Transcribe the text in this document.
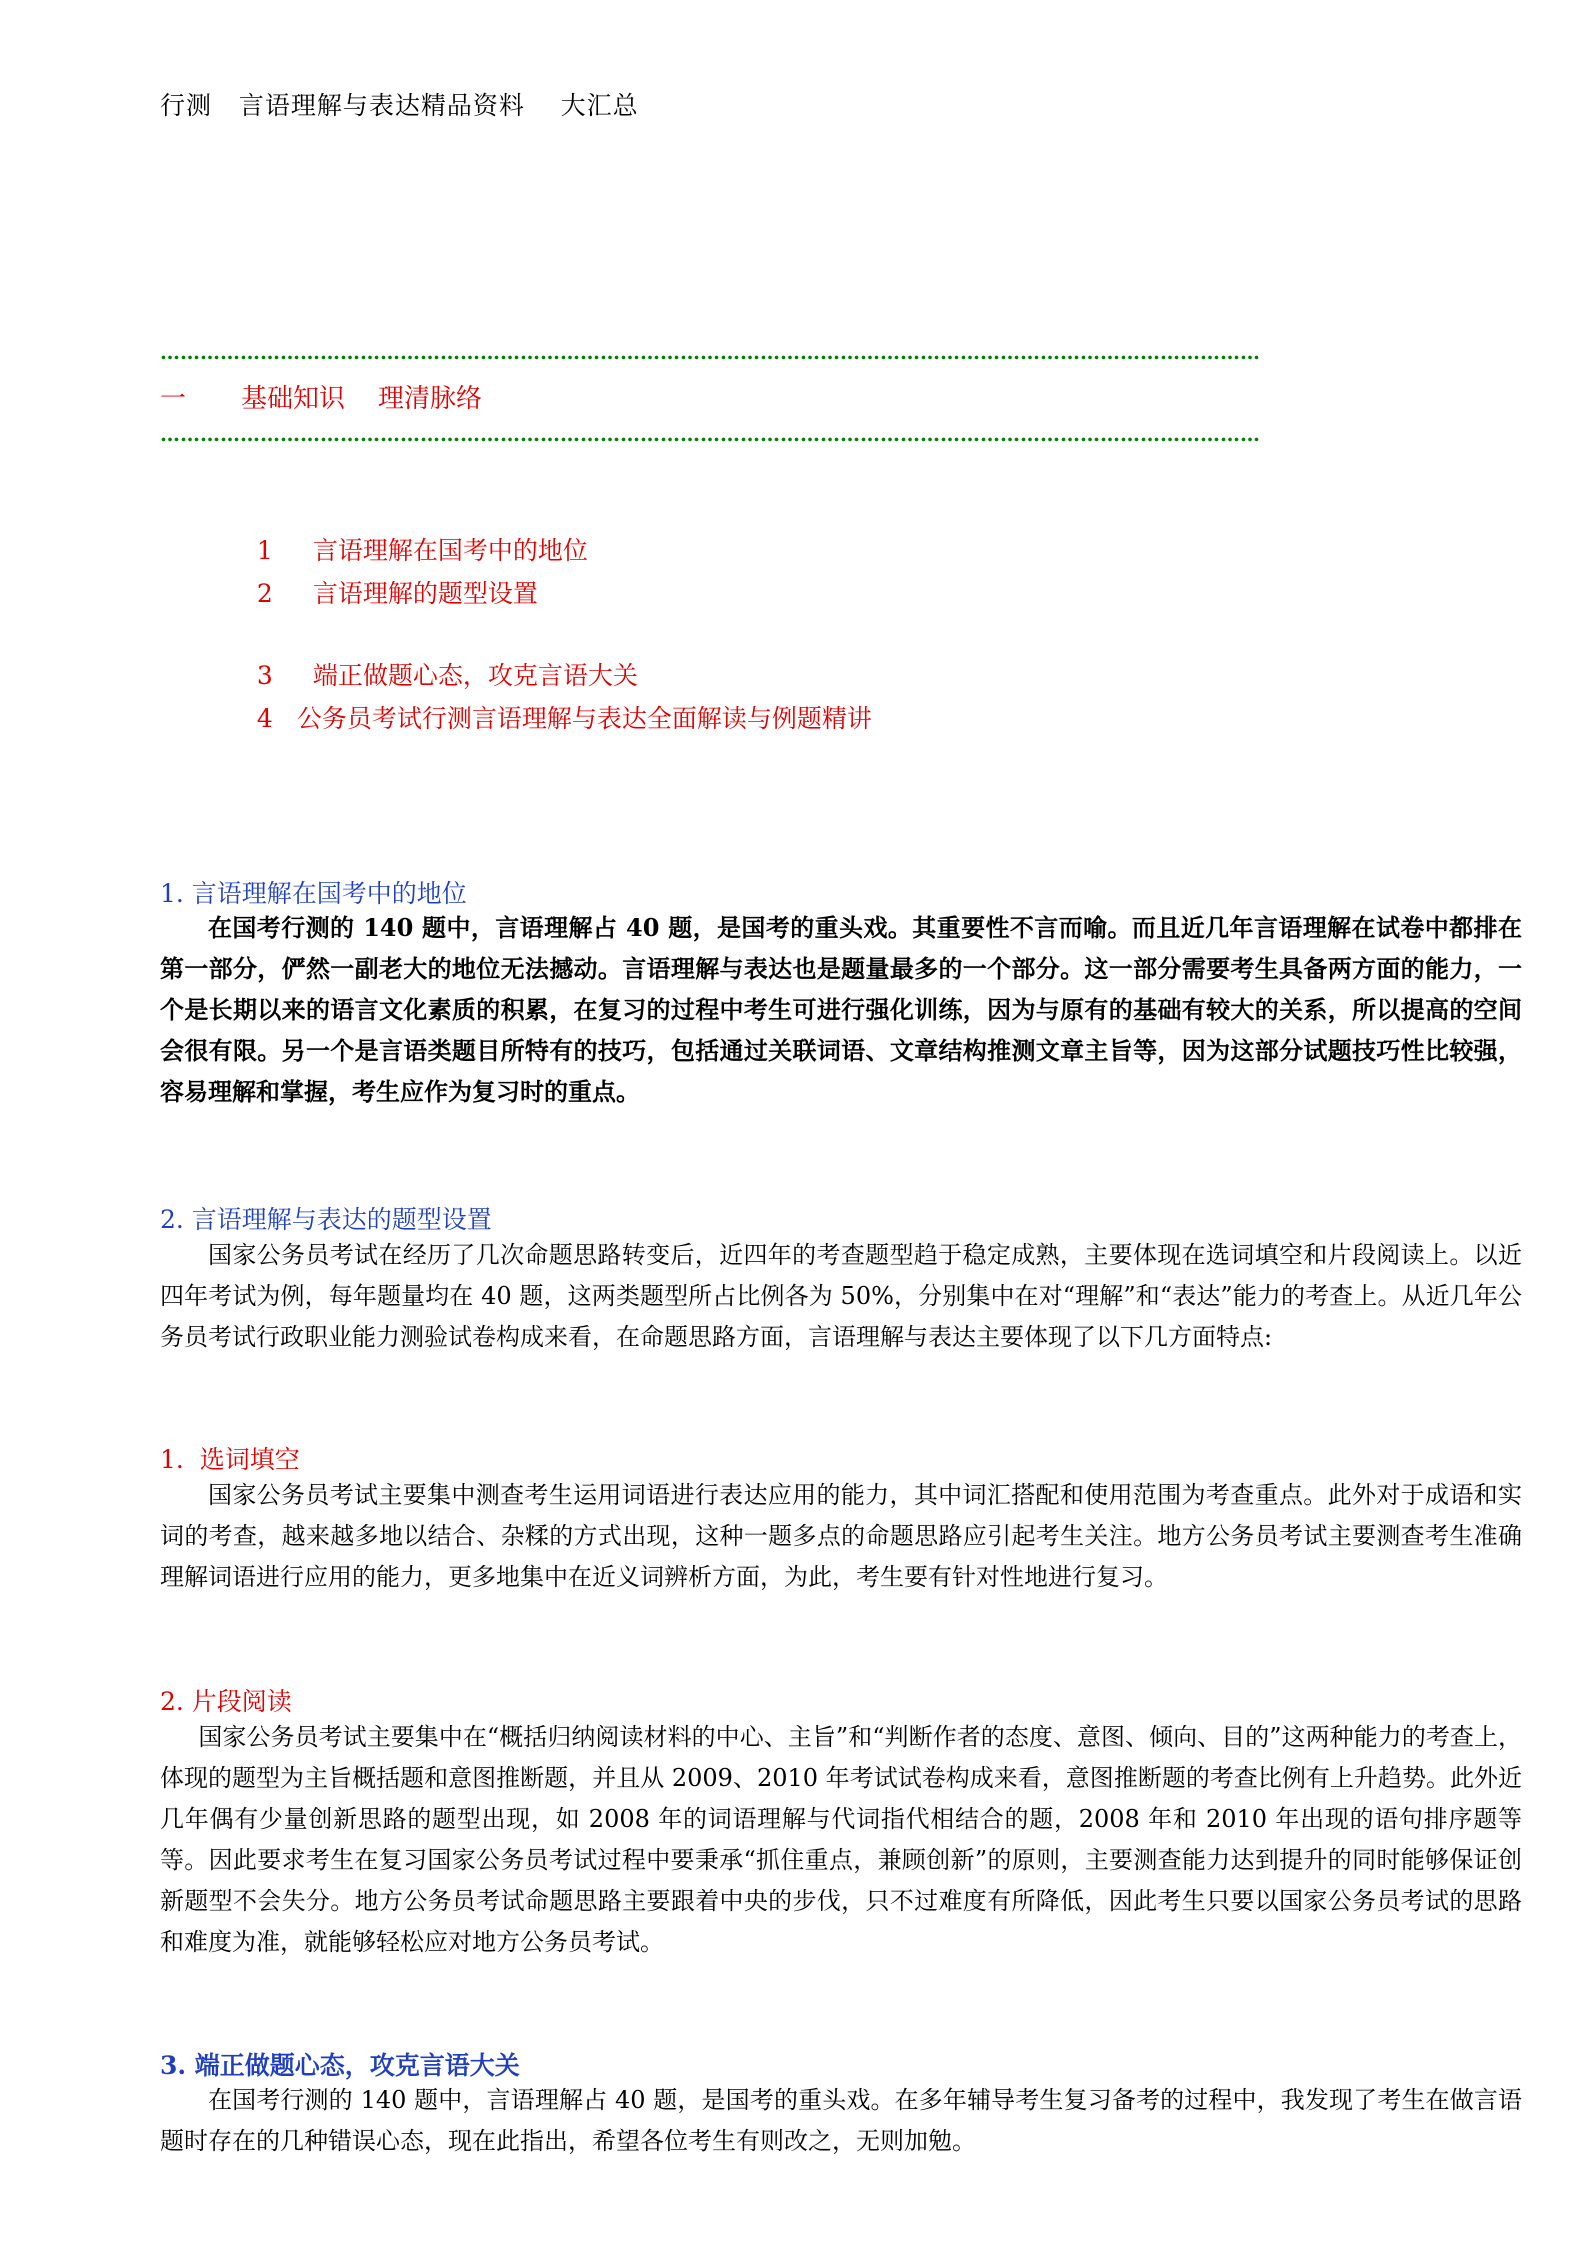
行测   言语理解与表达精品资料    大汇总
…………………………………………………………………………………………………………………………………………………
一 基础知识    理清脉络
…………………………………………………………………………………………………………………………………………………

1 言语理解在国考中的地位

2 言语理解的题型设置

3 端正做题心态，攻克言语大关

4 公务员考试行测言语理解与表达全面解读与例题精讲

1. 言语理解在国考中的地位
在国考行测的 140 题中，言语理解占 40 题，是国考的重头戏。其重要性不言而喻。而且近几年言语理解在试卷中都排在第一部分，俨然一副老大的地位无法撼动。言语理解与表达也是题量最多的一个部分。这一部分需要考生具备两方面的能力，一个是长期以来的语言文化素质的积累，在复习的过程中考生可进行强化训练，因为与原有的基础有较大的关系，所以提高的空间会很有限。另一个是言语类题目所特有的技巧，包括通过关联词语、文章结构推测文章主旨等，因为这部分试题技巧性比较强，容易理解和掌握，考生应作为复习时的重点。
2. 言语理解与表达的题型设置
国家公务员考试在经历了几次命题思路转变后，近四年的考查题型趋于稳定成熟，主要体现在选词填空和片段阅读上。以近四年考试为例，每年题量均在 40 题，这两类题型所占比例各为 50%，分别集中在对“理解”和“表达”能力的考查上。从近几年公务员考试行政职业能力测验试卷构成来看，在命题思路方面，言语理解与表达主要体现了以下几方面特点:
1.  选词填空
国家公务员考试主要集中测查考生运用词语进行表达应用的能力，其中词汇搭配和使用范围为考查重点。此外对于成语和实词的考查，越来越多地以结合、杂糅的方式出现，这种一题多点的命题思路应引起考生关注。地方公务员考试主要测查考生准确理解词语进行应用的能力，更多地集中在近义词辨析方面，为此，考生要有针对性地进行复习。
2. 片段阅读
国家公务员考试主要集中在“概括归纳阅读材料的中心、主旨”和“判断作者的态度、意图、倾向、目的”这两种能力的考查上，体现的题型为主旨概括题和意图推断题，并且从 2009、2010 年考试试卷构成来看，意图推断题的考查比例有上升趋势。此外近几年偶有少量创新思路的题型出现，如 2008 年的词语理解与代词指代相结合的题，2008 年和 2010 年出现的语句排序题等等。因此要求考生在复习国家公务员考试过程中要秉承“抓住重点，兼顾创新”的原则，主要测查能力达到提升的同时能够保证创新题型不会失分。地方公务员考试命题思路主要跟着中央的步伐，只不过难度有所降低，因此考生只要以国家公务员考试的思路和难度为准，就能够轻松应对地方公务员考试。
3. 端正做题心态，攻克言语大关
在国考行测的 140 题中，言语理解占 40 题，是国考的重头戏。在多年辅导考生复习备考的过程中，我发现了考生在做言语题时存在的几种错误心态，现在此指出，希望各位考生有则改之，无则加勉。
